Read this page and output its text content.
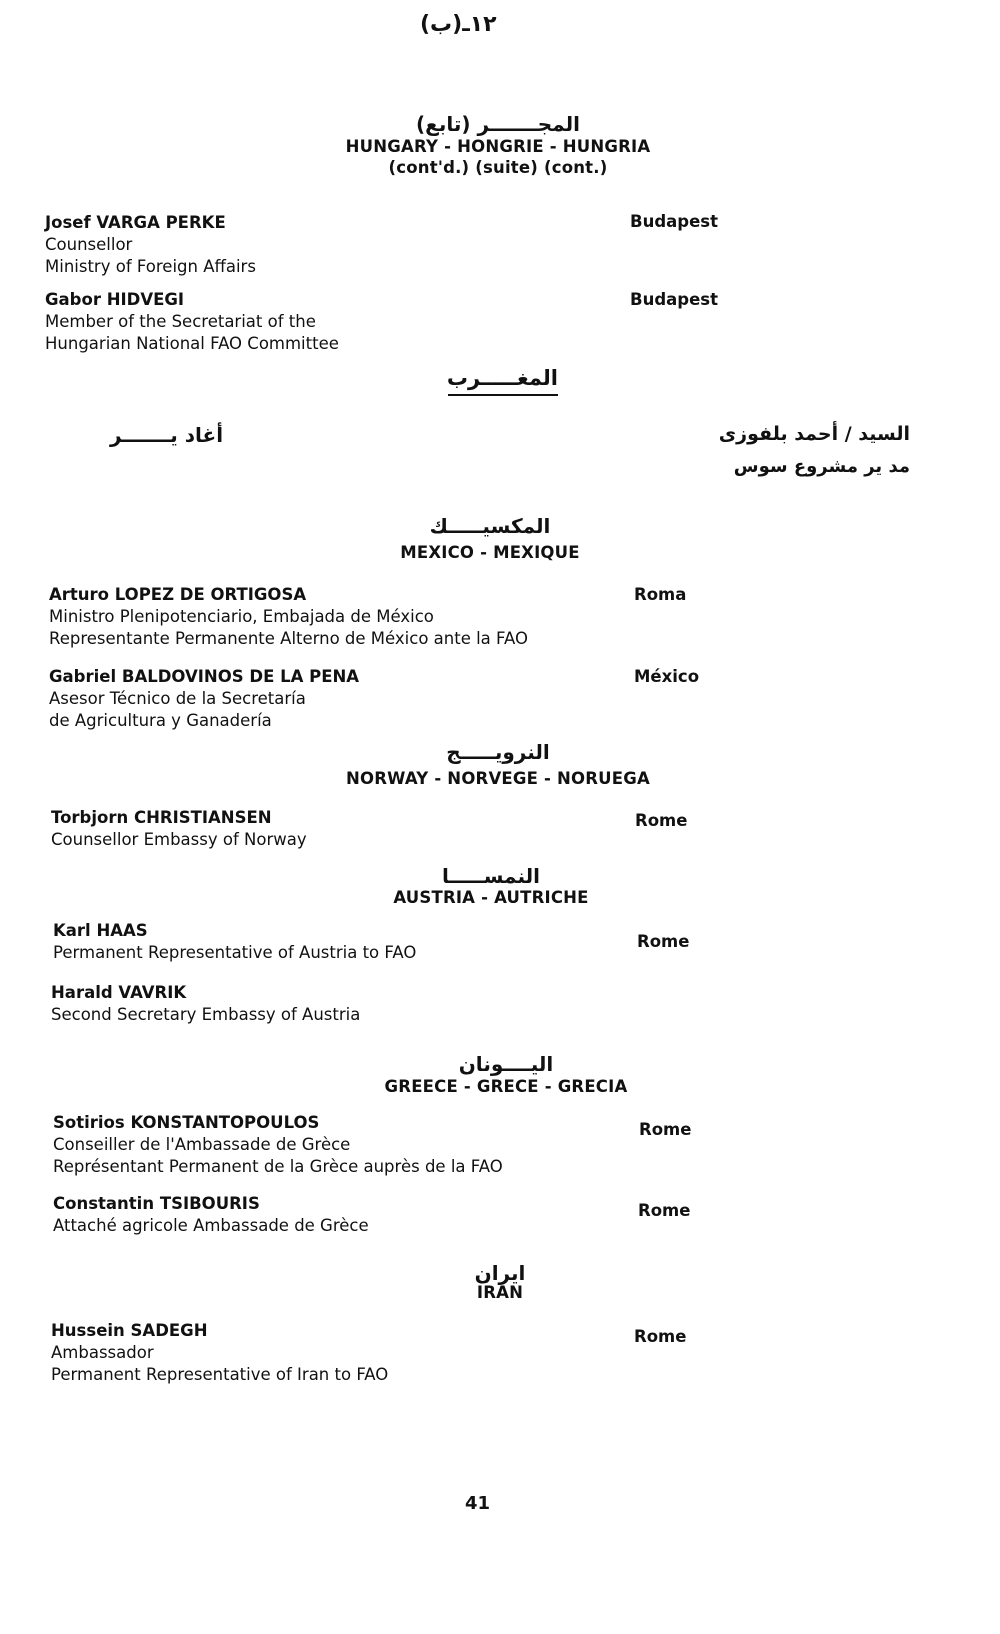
١٢ـ(ب)
المجـــــــر (تابع)
HUNGARY - HONGRIE - HUNGRIA
(cont'd.) (suite) (cont.)
Josef VARGA PERKE
Counsellor
Ministry of Foreign Affairs
Budapest
Gabor HIDVEGI
Member of the Secretariat of the
Hungarian National FAO Committee
Budapest
المغـــــرب
أغاد يـــــــر	السيد / أحمد بلفوزى
مد ير مشروع سوس
المكسيـــــك
MEXICO - MEXIQUE
Arturo LOPEZ DE ORTIGOSA
Ministro Plenipotenciario, Embajada de México
Representante Permanente Alterno de México ante la FAO
Roma
Gabriel BALDOVINOS DE LA PENA
Asesor Técnico de la Secretaría
de Agricultura y Ganadería
México
النرويـــــج
NORWAY - NORVEGE - NORUEGA
Torbjorn CHRISTIANSEN
Counsellor Embassy of Norway
Rome
النمســـــا
AUSTRIA - AUTRICHE
Karl HAAS
Permanent Representative of Austria to FAO
Rome
Harald VAVRIK
Second Secretary Embassy of Austria
اليــــونان
GREECE - GRECE - GRECIA
Sotirios KONSTANTOPOULOS
Conseiller de l'Ambassade de Grèce
Représentant Permanent de la Grèce auprès de la FAO
Rome
Constantin TSIBOURIS
Attaché agricole Ambassade de Grèce
Rome
ايران
IRAN
Hussein SADEGH
Ambassador
Permanent Representative of Iran to FAO
Rome
41
